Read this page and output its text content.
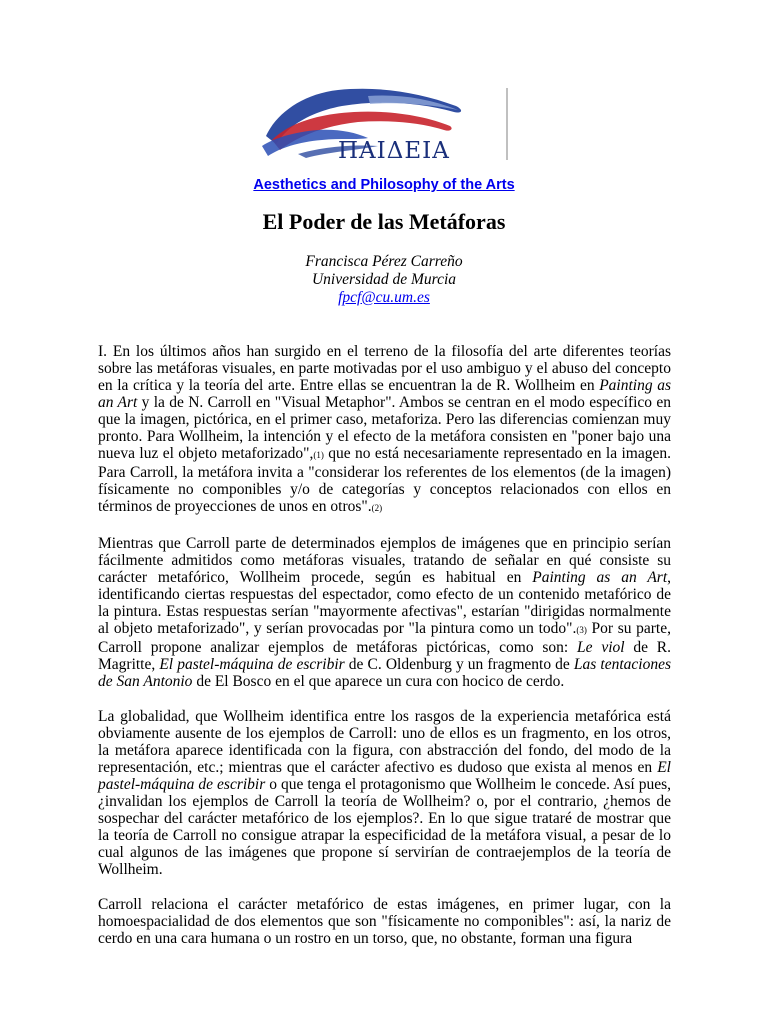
ΠΑΙΔΕΙΑ
Aesthetics and Philosophy of the Arts
El Poder de las Metáforas
Francisca Pérez Carreño
Universidad de Murcia
fpcf@cu.um.es

I. En los últimos años han surgido en el terreno de la filosofía del arte diferentes teorías sobre las metáforas visuales, en parte motivadas por el uso ambiguo y el abuso del concepto en la crítica y la teoría del arte. Entre ellas se encuentran la de R. Wollheim en Painting as an Art y la de N. Carroll en "Visual Metaphor". Ambos se centran en el modo específico en que la imagen, pictórica, en el primer caso, metaforiza. Pero las diferencias comienzan muy pronto. Para Wollheim, la intención y el efecto de la metáfora consisten en "poner bajo una nueva luz el objeto metaforizado",(1) que no está necesariamente representado en la imagen. Para Carroll, la metáfora invita a "considerar los referentes de los elementos (de la imagen) físicamente no componibles y/o de categorías y conceptos relacionados con ellos en términos de proyecciones de unos en otros".(2)

Mientras que Carroll parte de determinados ejemplos de imágenes que en principio serían fácilmente admitidos como metáforas visuales, tratando de señalar en qué consiste su carácter metafórico, Wollheim procede, según es habitual en Painting as an Art, identificando ciertas respuestas del espectador, como efecto de un contenido metafórico de la pintura. Estas respuestas serían "mayormente afectivas", estarían "dirigidas normalmente al objeto metaforizado", y serían provocadas por "la pintura como un todo".(3) Por su parte, Carroll propone analizar ejemplos de metáforas pictóricas, como son: Le viol de R. Magritte, El pastel-máquina de escribir de C. Oldenburg y un fragmento de Las tentaciones de San Antonio de El Bosco en el que aparece un cura con hocico de cerdo.

La globalidad, que Wollheim identifica entre los rasgos de la experiencia metafórica está obviamente ausente de los ejemplos de Carroll: uno de ellos es un fragmento, en los otros, la metáfora aparece identificada con la figura, con abstracción del fondo, del modo de la representación, etc.; mientras que el carácter afectivo es dudoso que exista al menos en El pastel-máquina de escribir o que tenga el protagonismo que Wollheim le concede. Así pues, ¿invalidan los ejemplos de Carroll la teoría de Wollheim? o, por el contrario, ¿hemos de sospechar del carácter metafórico de los ejemplos?. En lo que sigue trataré de mostrar que la teoría de Carroll no consigue atrapar la especificidad de la metáfora visual, a pesar de lo cual algunos de las imágenes que propone sí servirían de contraejemplos de la teoría de Wollheim.

Carroll relaciona el carácter metafórico de estas imágenes, en primer lugar, con la homoespacialidad de dos elementos que son "físicamente no componibles": así, la nariz de cerdo en una cara humana o un rostro en un torso, que, no obstante, forman una figura
